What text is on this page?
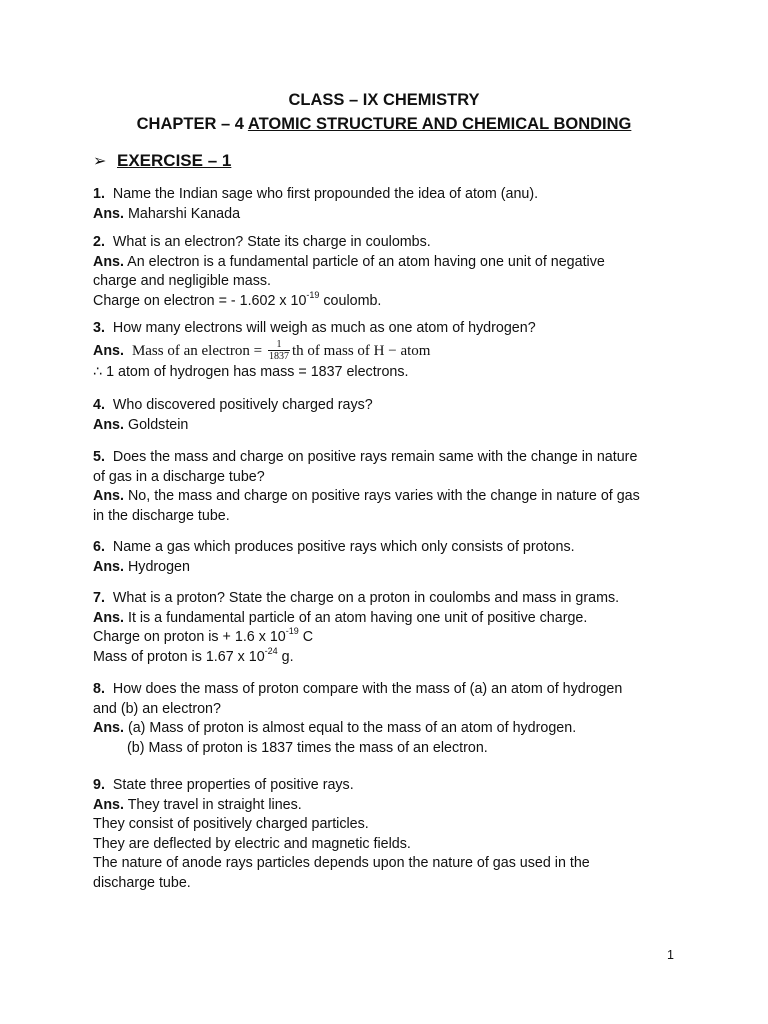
CLASS – IX CHEMISTRY
CHAPTER – 4 ATOMIC STRUCTURE AND CHEMICAL BONDING
➢ EXERCISE – 1
1. Name the Indian sage who first propounded the idea of atom (anu).
Ans. Maharshi Kanada
2. What is an electron? State its charge in coulombs.
Ans. An electron is a fundamental particle of an atom having one unit of negative
charge and negligible mass.
Charge on electron = - 1.602 x $10^{-19}$ coulomb.
3. How many electrons will weigh as much as one atom of hydrogen?
Ans. Mass of an electron = $\frac{1}{1837}$ th of mass of H − atom
∴ 1 atom of hydrogen has mass = 1837 electrons.
4. Who discovered positively charged rays?
Ans. Goldstein
5. Does the mass and charge on positive rays remain same with the change in nature
of gas in a discharge tube?
Ans. No, the mass and charge on positive rays varies with the change in nature of gas
in the discharge tube.
6. Name a gas which produces positive rays which only consists of protons.
Ans. Hydrogen
7. What is a proton? State the charge on a proton in coulombs and mass in grams.
Ans. It is a fundamental particle of an atom having one unit of positive charge.
Charge on proton is + 1.6 x $10^{-19}$ C
Mass of proton is 1.67 x $10^{-24}$ g.
8. How does the mass of proton compare with the mass of (a) an atom of hydrogen
and (b) an electron?
Ans. (a) Mass of proton is almost equal to the mass of an atom of hydrogen.
(b) Mass of proton is 1837 times the mass of an electron.
9. State three properties of positive rays.
Ans. They travel in straight lines.
They consist of positively charged particles.
They are deflected by electric and magnetic fields.
The nature of anode rays particles depends upon the nature of gas used in the
discharge tube.
1
